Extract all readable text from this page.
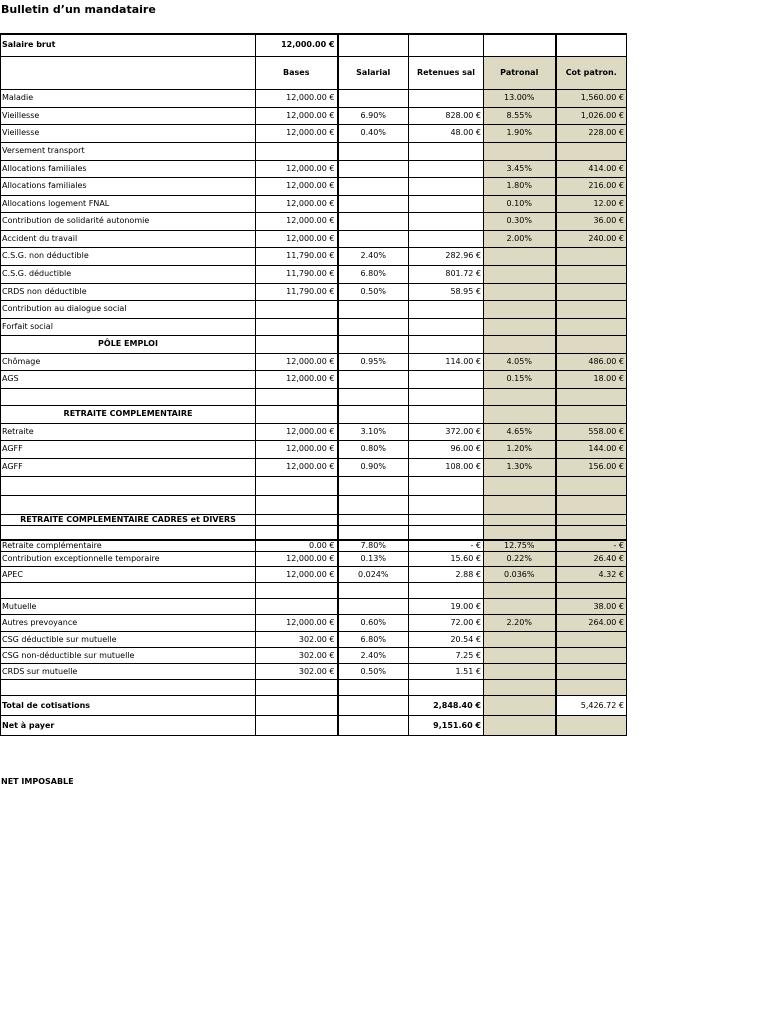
Bulletin d’un mandataire
Salaire brut	12,000.00 €				
	Bases	Salarial	Retenues sal	Patronal	Cot patron.
Maladie	12,000.00 €			13.00%	1,560.00 €
Vieillesse	12,000.00 €	6.90%	828.00 €	8.55%	1,026.00 €
Vieillesse	12,000.00 €	0.40%	48.00 €	1.90%	228.00 €
Versement transport					
Allocations familiales	12,000.00 €			3.45%	414.00 €
Allocations familiales	12,000.00 €			1.80%	216.00 €
Allocations logement FNAL	12,000.00 €			0.10%	12.00 €
Contribution de solidarité autonomie	12,000.00 €			0.30%	36.00 €
Accident du travail	12,000.00 €			2.00%	240.00 €
C.S.G. non déductible	11,790.00 €	2.40%	282.96 €		
C.S.G. déductible	11,790.00 €	6.80%	801.72 €		
CRDS non déductible	11,790.00 €	0.50%	58.95 €		
Contribution au dialogue social					
Forfait social					
PÔLE EMPLOI					
Chômage	12,000.00 €	0.95%	114.00 €	4.05%	486.00 €
AGS	12,000.00 €			0.15%	18.00 €

RETRAITE COMPLEMENTAIRE					
Retraite	12,000.00 €	3.10%	372.00 €	4.65%	558.00 €
AGFF	12,000.00 €	0.80%	96.00 €	1.20%	144.00 €
AGFF	12,000.00 €	0.90%	108.00 €	1.30%	156.00 €

RETRAITE COMPLEMENTAIRE CADRES et DIVERS					

Retraite complémentaire	0.00 €	7.80%	- €	12.75%	- €
Contribution exceptionnelle temporaire	12,000.00 €	0.13%	15.60 €	0.22%	26.40 €
APEC	12,000.00 €	0.024%	2.88 €	0.036%	4.32 €

Mutuelle			19.00 €		38.00 €
Autres prevoyance	12,000.00 €	0.60%	72.00 €	2.20%	264.00 €
CSG déductible sur mutuelle	302.00 €	6.80%	20.54 €		
CSG non-déductible sur mutuelle	302.00 €	2.40%	7.25 €		
CRDS sur mutuelle	302.00 €	0.50%	1.51 €		

Total de cotisations			2,848.40 €		5,426.72 €
Net à payer			9,151.60 €		

NET IMPOSABLE
